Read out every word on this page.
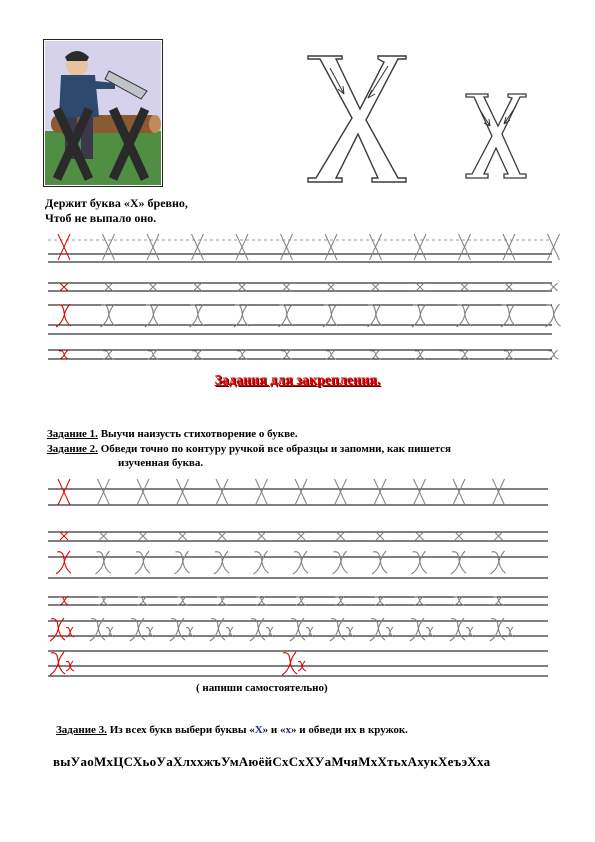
Держит буква «Х» бревно,
Чтоб не выпало оно.
Задания для закрепления.
Задание 1. Выучи наизусть стихотворение о букве.
Задание 2. Обведи точно по контуру ручкой все образцы и запомни, как пишется
изученная буква.
( напиши самостоятельно)
Задание 3. Из всех букв выбери буквы «Х» и «х» и обведи их в кружок.
выУаоМхЦСХьоУаХлххжъУмАюёйСхСхХУаМчяМхХтьхАхукХеъэХха
